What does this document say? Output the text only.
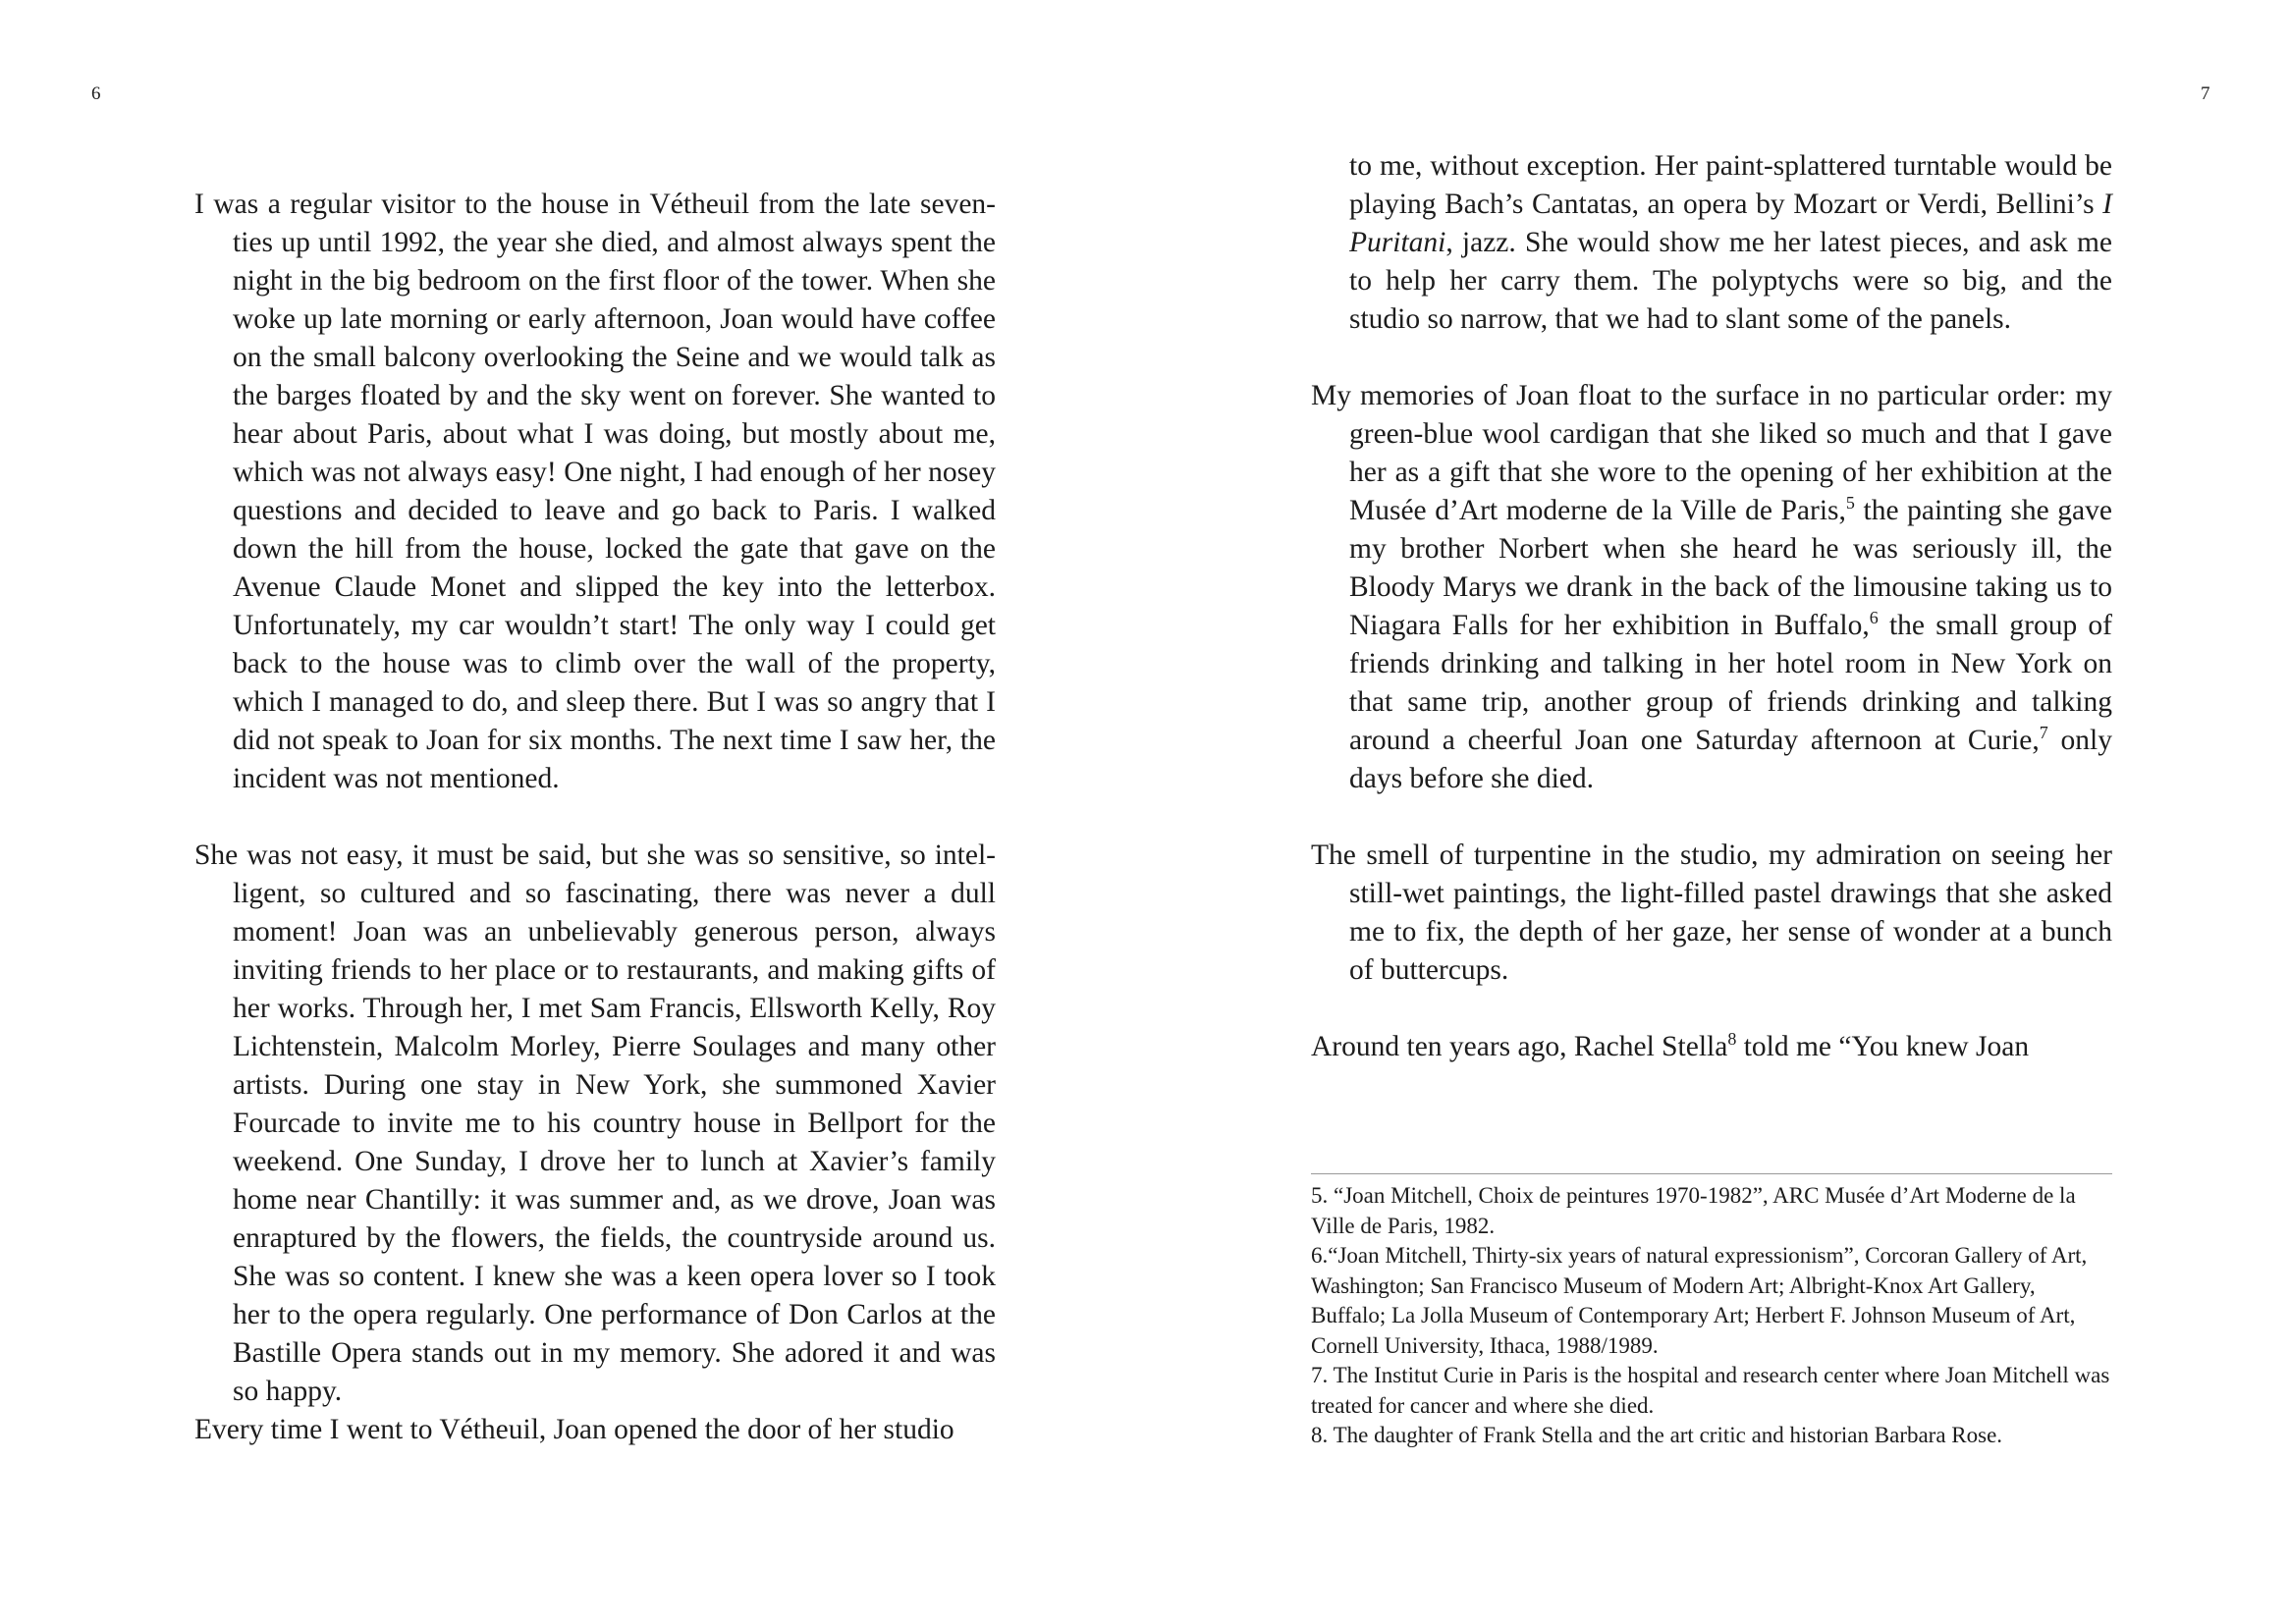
6	7

I was a regular visitor to the house in Vétheuil from the late seventies up until 1992, the year she died, and almost always spent the night in the big bedroom on the first floor of the tower. When she woke up late morning or early afternoon, Joan would have coffee on the small balcony overlooking the Seine and we would talk as the barges floated by and the sky went on forever. She wanted to hear about Paris, about what I was doing, but mostly about me, which was not always easy! One night, I had enough of her nosey questions and decided to leave and go back to Paris. I walked down the hill from the house, locked the gate that gave on the Avenue Claude Monet and slipped the key into the letterbox. Unfortunately, my car wouldn’t start! The only way I could get back to the house was to climb over the wall of the property, which I managed to do, and sleep there. But I was so angry that I did not speak to Joan for six months. The next time I saw her, the incident was not mentioned.

She was not easy, it must be said, but she was so sensitive, so intelligent, so cultured and so fascinating, there was never a dull moment! Joan was an unbelievably generous person, always inviting friends to her place or to restaurants, and making gifts of her works. Through her, I met Sam Francis, Ellsworth Kelly, Roy Lichtenstein, Malcolm Morley, Pierre Soulages and many other artists. During one stay in New York, she summoned Xavier Fourcade to invite me to his country house in Bellport for the weekend. One Sunday, I drove her to lunch at Xavier’s family home near Chantilly: it was summer and, as we drove, Joan was enraptured by the flowers, the fields, the countryside around us. She was so content. I knew she was a keen opera lover so I took her to the opera regularly. One performance of Don Carlos at the Bastille Opera stands out in my memory. She adored it and was so happy.

Every time I went to Vétheuil, Joan opened the door of her studio

to me, without exception. Her paint-splattered turntable would be playing Bach’s Cantatas, an opera by Mozart or Verdi, Bellini’s I Puritani, jazz. She would show me her latest pieces, and ask me to help her carry them. The polyptychs were so big, and the studio so narrow, that we had to slant some of the panels.

My memories of Joan float to the surface in no particular order: my green-blue wool cardigan that she liked so much and that I gave her as a gift that she wore to the opening of her exhibition at the Musée d’Art moderne de la Ville de Paris,$^5$ the painting she gave my brother Norbert when she heard he was seriously ill, the Bloody Marys we drank in the back of the limousine taking us to Niagara Falls for her exhibition in Buffalo,$^6$ the small group of friends drinking and talking in her hotel room in New York on that same trip, another group of friends drinking and talking around a cheerful Joan one Saturday afternoon at Curie,$^7$ only days before she died.

The smell of turpentine in the studio, my admiration on seeing her still-wet paintings, the light-filled pastel drawings that she asked me to fix, the depth of her gaze, her sense of wonder at a bunch of buttercups.

Around ten years ago, Rachel Stella$^8$ told me “You knew Joan

5. “Joan Mitchell, Choix de peintures 1970-1982”, ARC Musée d’Art Moderne de la Ville de Paris, 1982.

6.“Joan Mitchell, Thirty-six years of natural expressionism”, Corcoran Gallery of Art, Washington; San Francisco Museum of Modern Art; Albright-Knox Art Gallery, Buffalo; La Jolla Museum of Contemporary Art; Herbert F. Johnson Museum of Art, Cornell University, Ithaca, 1988/1989.

7. The Institut Curie in Paris is the hospital and research center where Joan Mitchell was treated for cancer and where she died.

8. The daughter of Frank Stella and the art critic and historian Barbara Rose.
